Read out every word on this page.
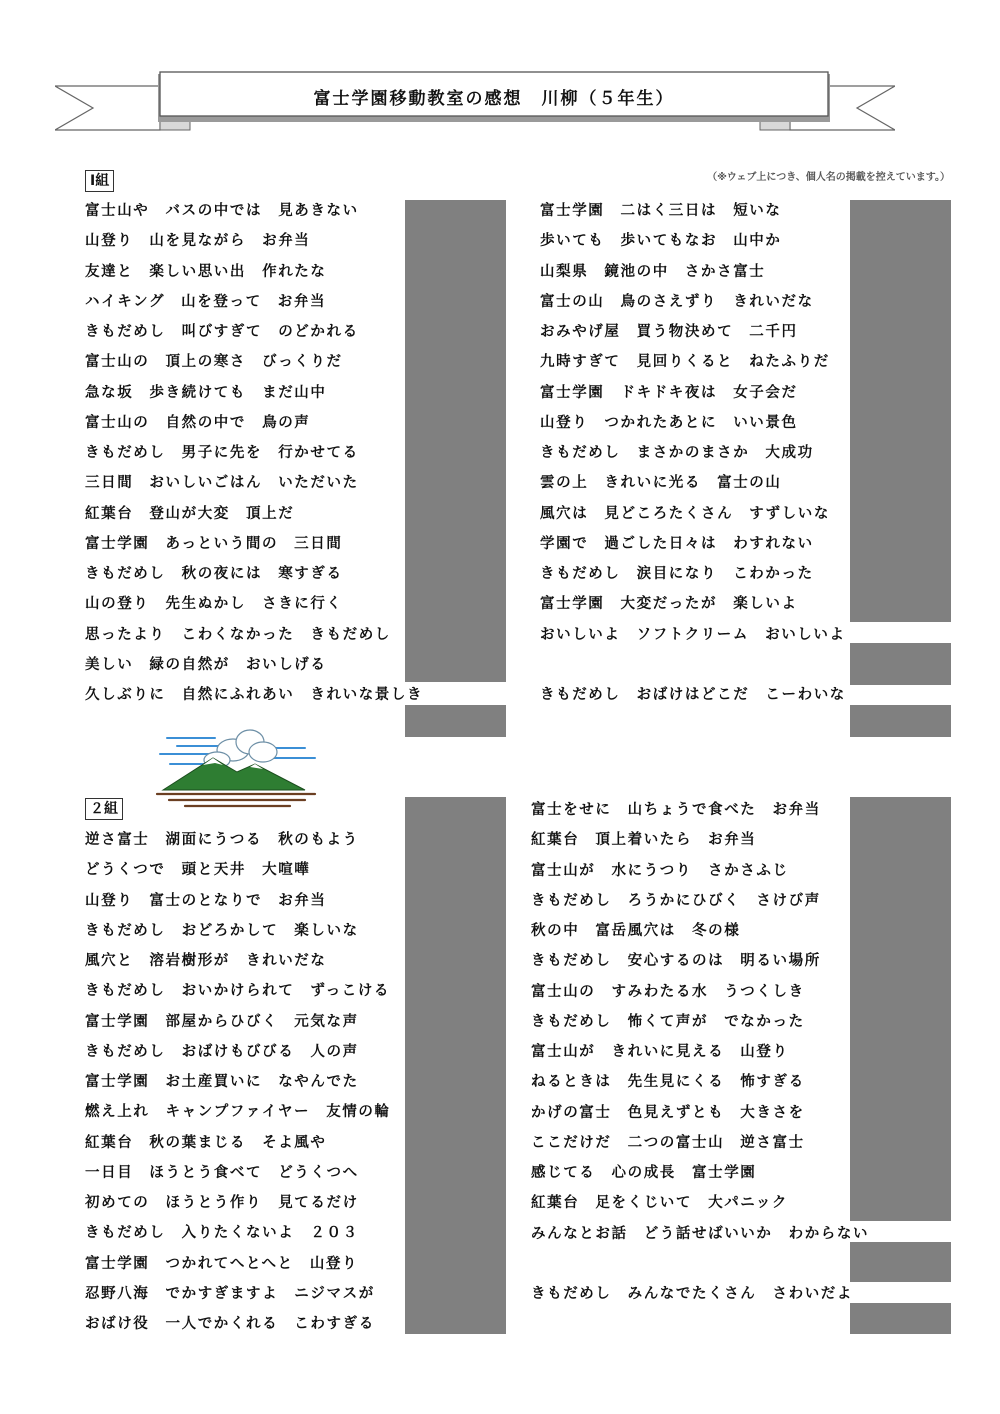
富士学園移動教室の感想　川柳（５年生）
（※ウェブ上につき、個人名の掲載を控えています。）
Ⅰ組
富士山や　バスの中では　見あきない
山登り　山を見ながら　お弁当
友達と　楽しい思い出　作れたな
ハイキング　山を登って　お弁当
きもだめし　叫びすぎて　のどかれる
富士山の　頂上の寒さ　びっくりだ
急な坂　歩き続けても　まだ山中
富士山の　自然の中で　鳥の声
きもだめし　男子に先を　行かせてる
三日間　おいしいごはん　いただいた
紅葉台　登山が大変　頂上だ
富士学園　あっという間の　三日間
きもだめし　秋の夜には　寒すぎる
山の登り　先生ぬかし　さきに行く
思ったより　こわくなかった　きもだめし
美しい　緑の自然が　おいしげる
久しぶりに　自然にふれあい　きれいな景しき
富士学園　二はく三日は　短いな
歩いても　歩いてもなお　山中か
山梨県　鏡池の中　さかさ富士
富士の山　鳥のさえずり　きれいだな
おみやげ屋　買う物決めて　二千円
九時すぎて　見回りくると　ねたふりだ
富士学園　ドキドキ夜は　女子会だ
山登り　つかれたあとに　いい景色
きもだめし　まさかのまさか　大成功
雲の上　きれいに光る　富士の山
風穴は　見どころたくさん　すずしいな
学園で　過ごした日々は　わすれない
きもだめし　涙目になり　こわかった
富士学園　大変だったが　楽しいよ
おいしいよ　ソフトクリーム　おいしいよ
きもだめし　おばけはどこだ　こーわいな
２組
逆さ富士　湖面にうつる　秋のもよう
どうくつで　頭と天井　大喧嘩
山登り　富士のとなりで　お弁当
きもだめし　おどろかして　楽しいな
風穴と　溶岩樹形が　きれいだな
きもだめし　おいかけられて　ずっこける
富士学園　部屋からひびく　元気な声
きもだめし　おばけもびびる　人の声
富士学園　お土産買いに　なやんでた
燃え上れ　キャンプファイヤー　友情の輪
紅葉台　秋の葉まじる　そよ風や
一日目　ほうとう食べて　どうくつへ
初めての　ほうとう作り　見てるだけ
きもだめし　入りたくないよ　２０３
富士学園　つかれてへとへと　山登り
忍野八海　でかすぎますよ　ニジマスが
おばけ役　一人でかくれる　こわすぎる
富士をせに　山ちょうで食べた　お弁当
紅葉台　頂上着いたら　お弁当
富士山が　水にうつり　さかさふじ
きもだめし　ろうかにひびく　さけび声
秋の中　富岳風穴は　冬の様
きもだめし　安心するのは　明るい場所
富士山の　すみわたる水　うつくしき
きもだめし　怖くて声が　でなかった
富士山が　きれいに見える　山登り
ねるときは　先生見にくる　怖すぎる
かげの富士　色見えずとも　大きさを
ここだけだ　二つの富士山　逆さ富士
感じてる　心の成長　富士学園
紅葉台　足をくじいて　大パニック
みんなとお話　どう話せばいいか　わからない
きもだめし　みんなでたくさん　さわいだよ
